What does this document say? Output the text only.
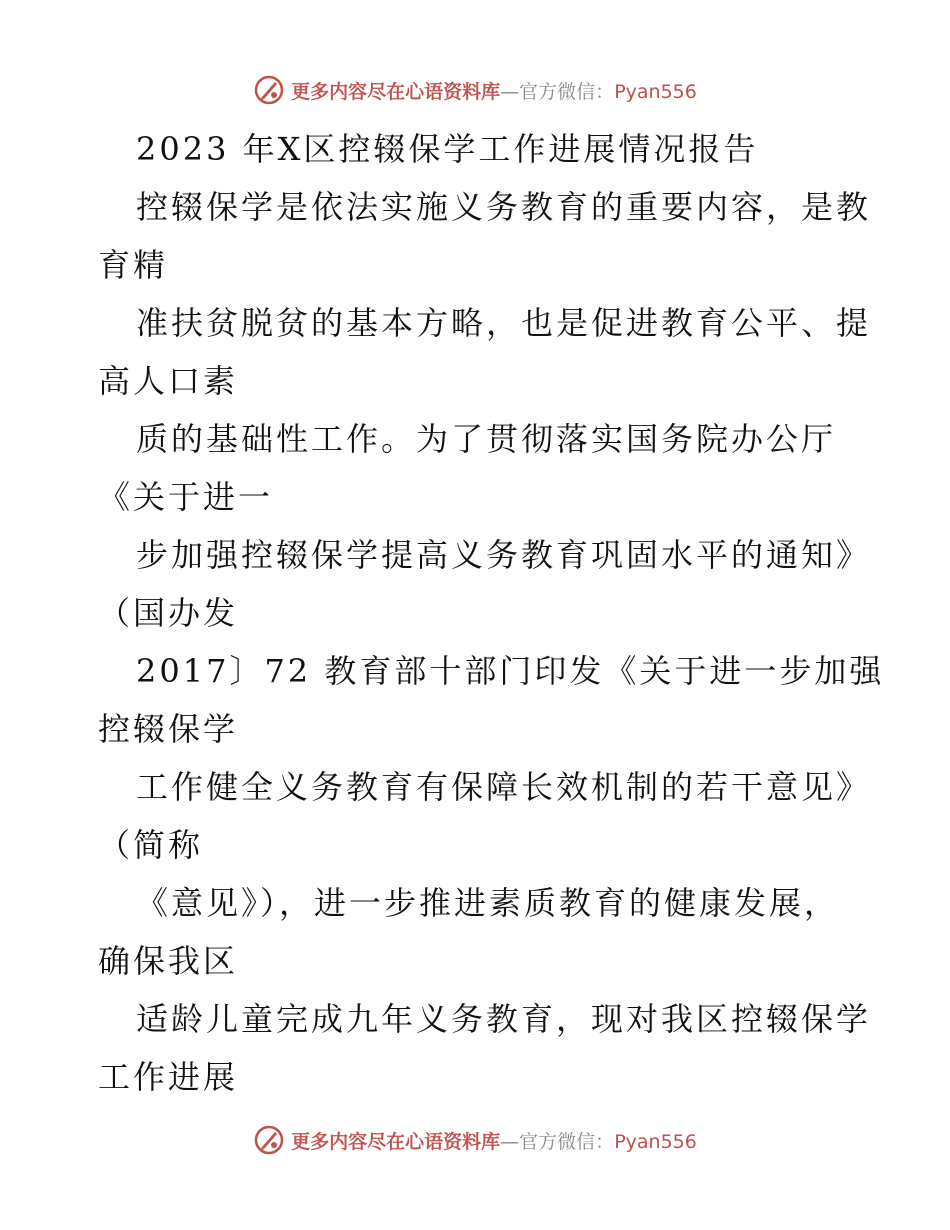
更多内容尽在心语资料库—官方微信：Pyan556
2023 年X区控辍保学工作进展情况报告
控辍保学是依法实施义务教育的重要内容，是教
育精
准扶贫脱贫的基本方略，也是促进教育公平、提
高人口素
质的基础性工作。为了贯彻落实国务院办公厅
《关于进一
步加强控辍保学提高义务教育巩固水平的通知》
（国办发
2017〕72 教育部十部门印发《关于进一步加强
控辍保学
工作健全义务教育有保障长效机制的若干意见》
（简称
《意见》），进一步推进素质教育的健康发展，
确保我区
适龄儿童完成九年义务教育，现对我区控辍保学
工作进展
更多内容尽在心语资料库—官方微信：Pyan556
